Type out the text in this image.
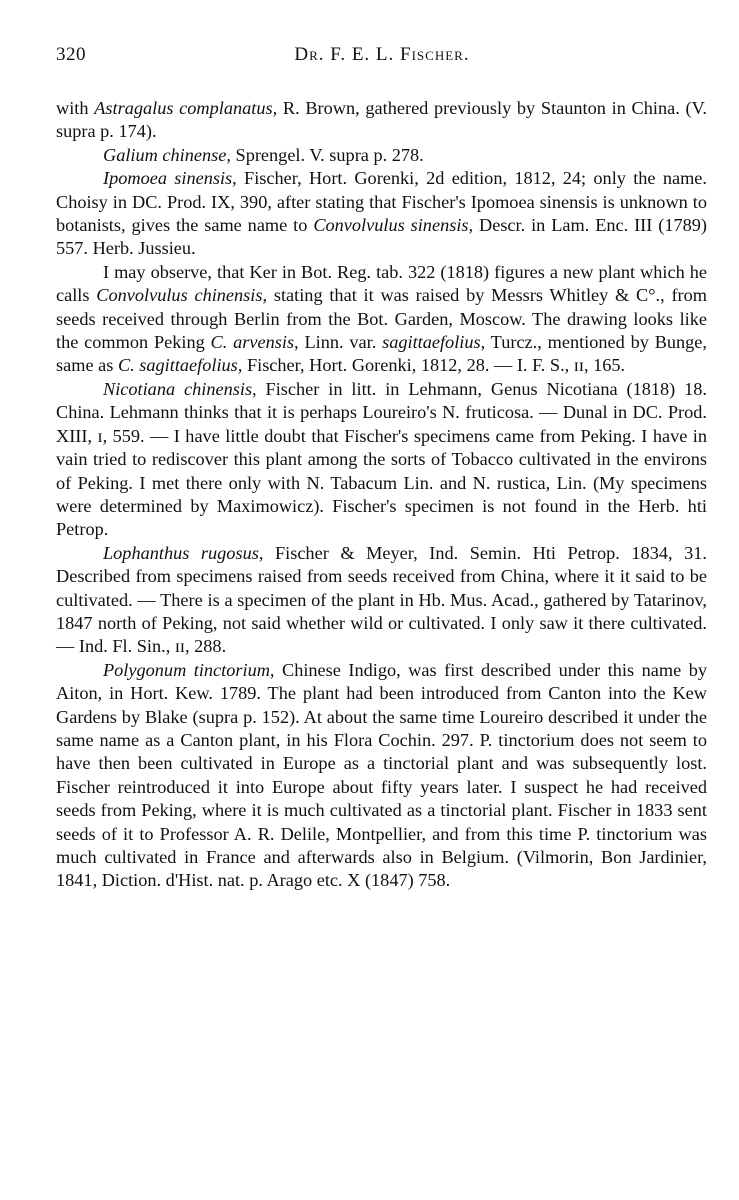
320	Dr. F. E. L. Fischer.

with Astragalus complanatus, R. Brown, gathered previously by Staunton in China. (V. supra p. 174).

Galium chinense, Sprengel. V. supra p. 278.

Ipomoea sinensis, Fischer, Hort. Gorenki, 2d edition, 1812, 24; only the name. Choisy in DC. Prod. IX, 390, after stating that Fischer's Ipomoea sinensis is unknown to botanists, gives the same name to Convolvulus sinensis, Descr. in Lam. Enc. III (1789) 557. Herb. Jussieu.

I may observe, that Ker in Bot. Reg. tab. 322 (1818) figures a new plant which he calls Convolvulus chinensis, stating that it was raised by Messrs Whitley & C°., from seeds received through Berlin from the Bot. Garden, Moscow. The drawing looks like the common Peking C. arvensis, Linn. var. sagittaefolius, Turcz., mentioned by Bunge, same as C. sagittaefolius, Fischer, Hort. Gorenki, 1812, 28. — I. F. S., ɪɪ, 165.

Nicotiana chinensis, Fischer in litt. in Lehmann, Genus Nicotiana (1818) 18. China. Lehmann thinks that it is perhaps Loureiro's N. fruticosa. — Dunal in DC. Prod. XIII, ɪ, 559. — I have little doubt that Fischer's specimens came from Peking. I have in vain tried to rediscover this plant among the sorts of Tobacco cultivated in the environs of Peking. I met there only with N. Tabacum Lin. and N. rustica, Lin. (My specimens were determined by Maximowicz). Fischer's specimen is not found in the Herb. hti Petrop.

Lophanthus rugosus, Fischer & Meyer, Ind. Semin. Hti Petrop. 1834, 31. Described from specimens raised from seeds received from China, where it it said to be cultivated. — There is a specimen of the plant in Hb. Mus. Acad., gathered by Tatarinov, 1847 north of Peking, not said whether wild or cultivated. I only saw it there cultivated. — Ind. Fl. Sin., ɪɪ, 288.

Polygonum tinctorium, Chinese Indigo, was first described under this name by Aiton, in Hort. Kew. 1789. The plant had been introduced from Canton into the Kew Gardens by Blake (supra p. 152). At about the same time Loureiro described it under the same name as a Canton plant, in his Flora Cochin. 297. P. tinctorium does not seem to have then been cultivated in Europe as a tinctorial plant and was subsequently lost. Fischer reintroduced it into Europe about fifty years later. I suspect he had received seeds from Peking, where it is much cultivated as a tinctorial plant. Fischer in 1833 sent seeds of it to Professor A. R. Delile, Montpellier, and from this time P. tinctorium was much cultivated in France and afterwards also in Belgium. (Vilmorin, Bon Jardinier, 1841, Diction. d'Hist. nat. p. Arago etc. X (1847) 758.
